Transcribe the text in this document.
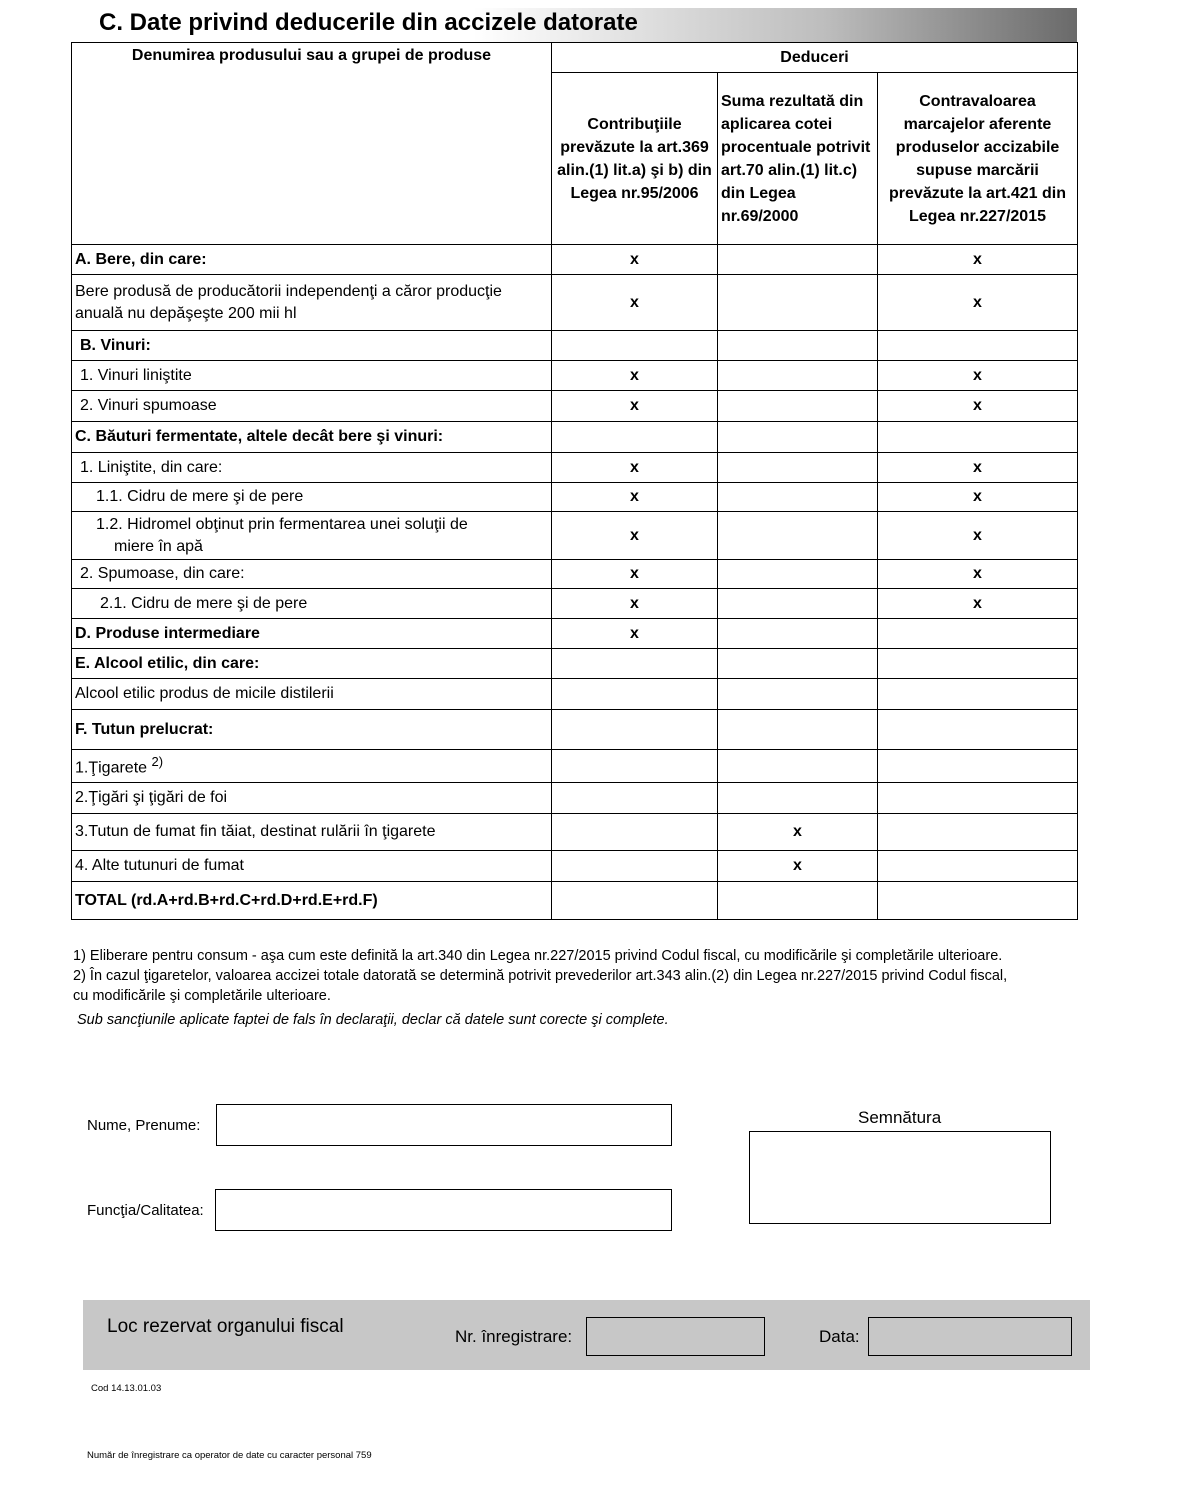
C. Date privind deducerile din accizele datorate
Denumirea produsului sau a grupei de produse	Deduceri		
	Contribuţiile prevăzute la art.369 alin.(1) lit.a) şi b) din Legea nr.95/2006	Suma rezultată din aplicarea cotei procentuale potrivit art.70 alin.(1) lit.c) din Legea nr.69/2000	Contravaloarea marcajelor aferente produselor accizabile supuse marcării prevăzute la art.421 din Legea nr.227/2015
A. Bere, din care:	x		x
Bere produsă de producătorii independenţi a căror producţie anuală nu depăşeşte 200 mii hl	x		x
B. Vinuri:			
1. Vinuri liniştite	x		x
2. Vinuri spumoase	x		x
C. Băuturi fermentate, altele decât bere şi vinuri:			
1. Liniştite, din care:	x		x
1.1. Cidru de mere şi de pere	x		x
1.2. Hidromel obţinut prin fermentarea unei soluţii de
miere în apă	x		x
2. Spumoase, din care:	x		x
2.1. Cidru de mere şi de pere	x		x
D. Produse intermediare	x		
E. Alcool etilic, din care:			
Alcool etilic produs de micile distilerii			
F. Tutun prelucrat:			
1.Ţigarete $^{2)}$			
2.Ţigări şi ţigări de foi			
3.Tutun de fumat fin tăiat, destinat rulării în ţigarete		x	
4. Alte tutunuri de fumat		x	
TOTAL (rd.A+rd.B+rd.C+rd.D+rd.E+rd.F)			
1) Eliberare pentru consum - aşa cum este definită la art.340 din Legea nr.227/2015 privind Codul fiscal, cu modificările şi completările ulterioare.
2) În cazul ţigaretelor, valoarea accizei totale datorată se determină potrivit prevederilor art.343 alin.(2) din Legea nr.227/2015 privind Codul fiscal,
cu modificările şi completările ulterioare.
Sub sancţiunile aplicate faptei de fals în declaraţii, declar că datele sunt corecte şi complete.
Nume, Prenume:
Funcţia/Calitatea:
Semnătura
Loc rezervat organului fiscal	Nr. înregistrare:	Data:
Cod 14.13.01.03
Număr de înregistrare ca operator de date cu caracter personal 759
